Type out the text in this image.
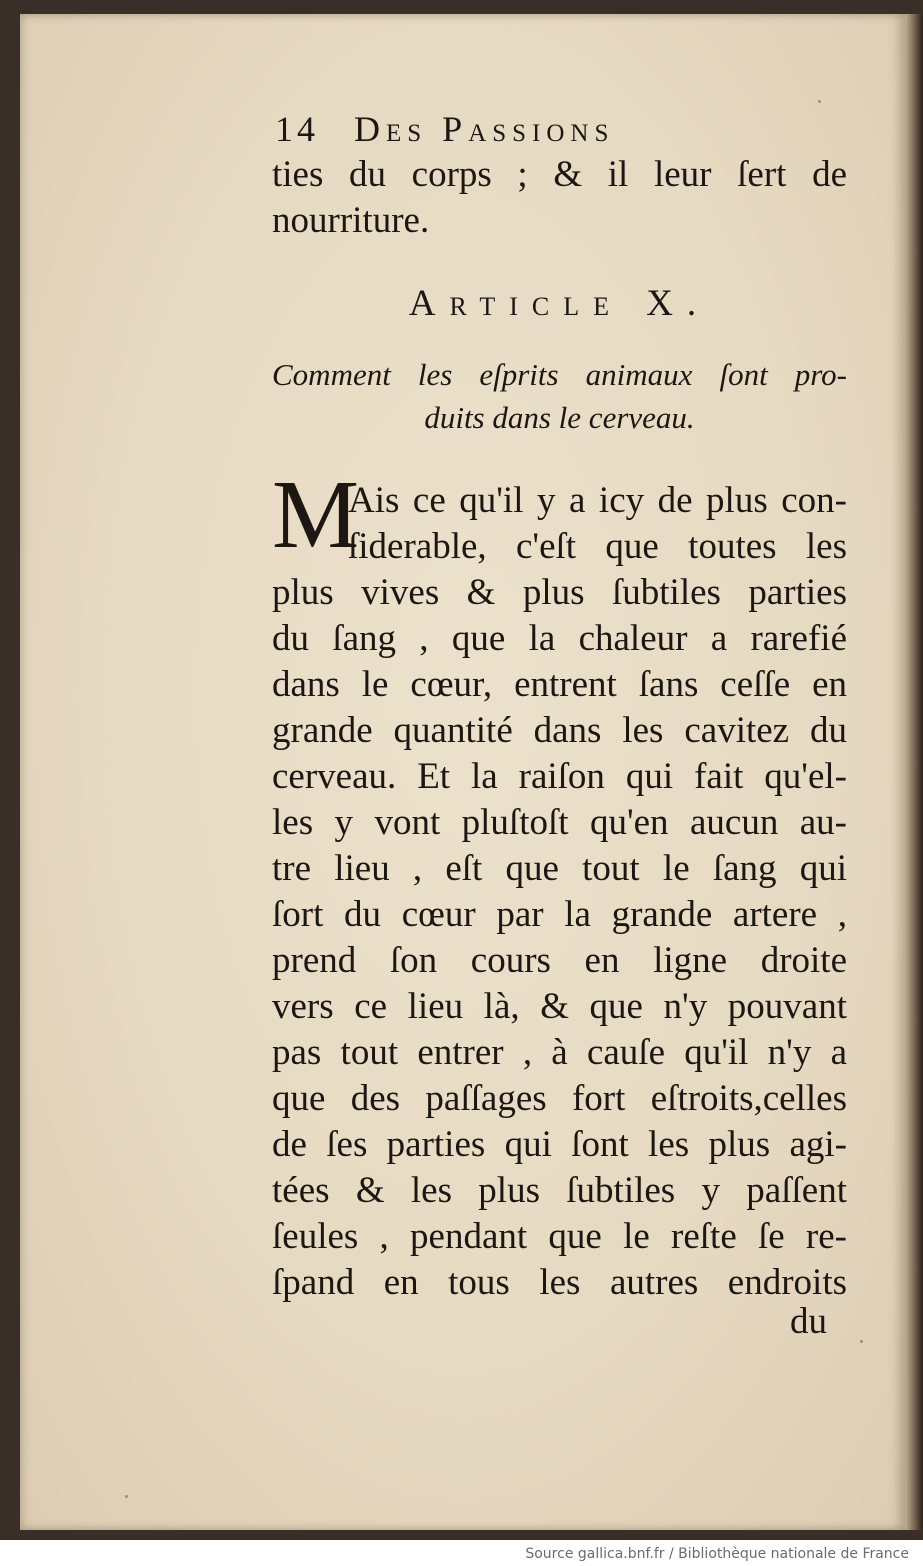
14 Des Passions
ties du corps ; & il leur ſert de
nourriture.
Article X.
Comment les eſprits animaux ſont pro-
duits dans le cerveau.
M
Ais ce qu'il y a icy de plus con-
ſiderable, c'eſt que toutes les
plus vives & plus ſubtiles parties
du ſang , que la chaleur a rarefié
dans le cœur, entrent ſans ceſſe en
grande quantité dans les cavitez du
cerveau. Et la raiſon qui fait qu'el-
les y vont pluſtoſt qu'en aucun au-
tre lieu , eſt que tout le ſang qui
ſort du cœur par la grande artere ,
prend ſon cours en ligne droite
vers ce lieu là, & que n'y pouvant
pas tout entrer , à cauſe qu'il n'y a
que des paſſages fort eſtroits,celles
de ſes parties qui ſont les plus agi-
tées & les plus ſubtiles y paſſent
ſeules , pendant que le reſte ſe re-
ſpand en tous les autres endroits
du
Source gallica.bnf.fr / Bibliothèque nationale de France
